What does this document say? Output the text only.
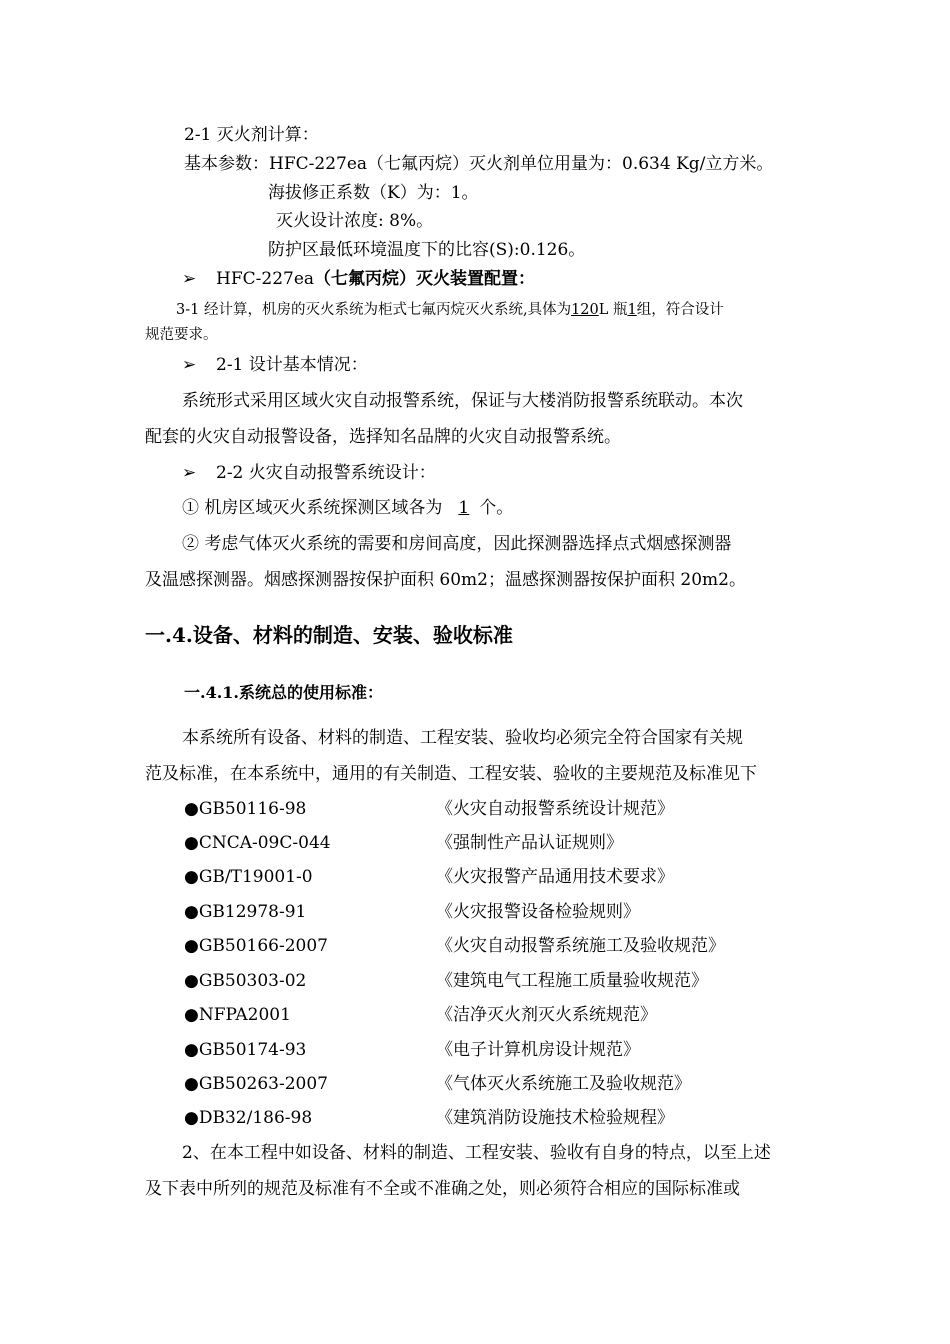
2-1 灭火剂计算：
基本参数：HFC-227ea（七氟丙烷）灭火剂单位用量为：0.634 Kg/立方米。
海拔修正系数（K）为：1。
灭火设计浓度: 8%。
防护区最低环境温度下的比容(S):0.126。
➢ HFC-227ea（七氟丙烷）灭火装置配置：
3-1 经计算，机房的灭火系统为柜式七氟丙烷灭火系统,具体为120L 瓶1组，符合设计
规范要求。
➢ 2-1 设计基本情况：
系统形式采用区域火灾自动报警系统，保证与大楼消防报警系统联动。本次
配套的火灾自动报警设备，选择知名品牌的火灾自动报警系统。
➢ 2-2 火灾自动报警系统设计：
① 机房区域灭火系统探测区域各为 1 个。
② 考虑气体灭火系统的需要和房间高度，因此探测器选择点式烟感探测器
及温感探测器。烟感探测器按保护面积 60m2；温感探测器按保护面积 20m2。
一.4.设备、材料的制造、安装、验收标准
一.4.1.系统总的使用标准：
本系统所有设备、材料的制造、工程安装、验收均必须完全符合国家有关规
范及标准，在本系统中，通用的有关制造、工程安装、验收的主要规范及标准见下
●GB50116-98	《火灾自动报警系统设计规范》
●CNCA-09C-044	《强制性产品认证规则》
●GB/T19001-0	《火灾报警产品通用技术要求》
●GB12978-91	《火灾报警设备检验规则》
●GB50166-2007	《火灾自动报警系统施工及验收规范》
●GB50303-02	《建筑电气工程施工质量验收规范》
●NFPA2001	《洁净灭火剂灭火系统规范》
●GB50174-93	《电子计算机房设计规范》
●GB50263-2007	《气体灭火系统施工及验收规范》
●DB32/186-98	《建筑消防设施技术检验规程》
2、在本工程中如设备、材料的制造、工程安装、验收有自身的特点，以至上述
及下表中所列的规范及标准有不全或不准确之处，则必须符合相应的国际标准或
